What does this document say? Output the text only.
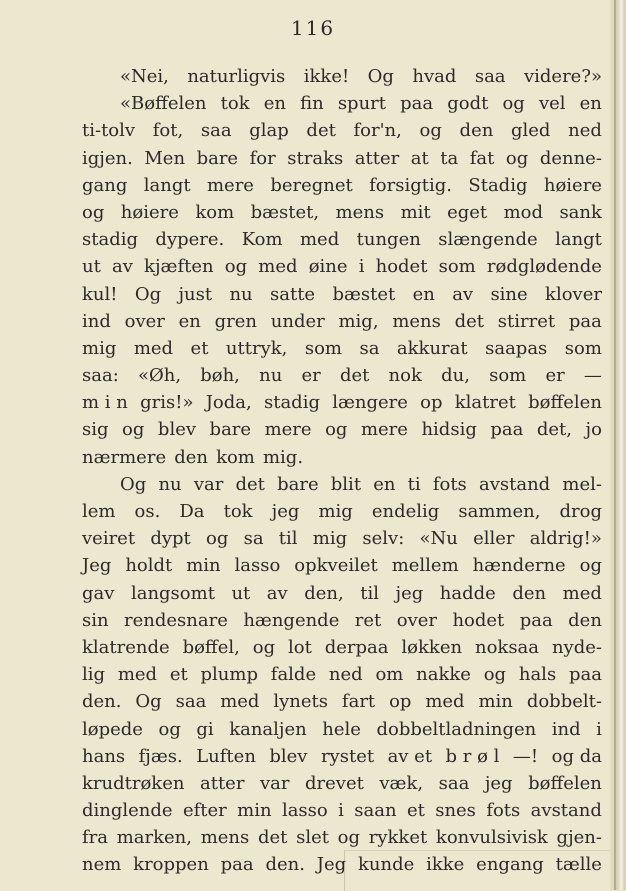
116
«Nei, naturligvis ikke! Og hvad saa videre?»
«Bøffelen tok en fin spurt paa godt og vel en
ti-tolv fot, saa glap det for'n, og den gled ned
igjen. Men bare for straks atter at ta fat og denne-
gang langt mere beregnet forsigtig. Stadig høiere
og høiere kom bæstet, mens mit eget mod sank
stadig dypere. Kom med tungen slængende langt
ut av kjæften og med øine i hodet som rødglødende
kul! Og just nu satte bæstet en av sine klover
ind over en gren under mig, mens det stirret paa
mig med et uttryk, som sa akkurat saapas som
saa: «Øh, bøh, nu er det nok du, som er —
m i n gris!» Joda, stadig længere op klatret bøffelen
sig og blev bare mere og mere hidsig paa det, jo
nærmere den kom mig.
Og nu var det bare blit en ti fots avstand mel-
lem os. Da tok jeg mig endelig sammen, drog
veiret dypt og sa til mig selv: «Nu eller aldrig!»
Jeg holdt min lasso opkveilet mellem hænderne og
gav langsomt ut av den, til jeg hadde den med
sin rendesnare hængende ret over hodet paa den
klatrende bøffel, og lot derpaa løkken noksaa nyde-
lig med et plump falde ned om nakke og hals paa
den. Og saa med lynets fart op med min dobbelt-
løpede og gi kanaljen hele dobbeltladningen ind i
hans fjæs. Luften blev rystet av et b r ø l —! og da
krudtrøken atter var drevet væk, saa jeg bøffelen
dinglende efter min lasso i saan et snes fots avstand
fra marken, mens det slet og rykket konvulsivisk gjen-
nem kroppen paa den. Jeg kunde ikke engang tælle
